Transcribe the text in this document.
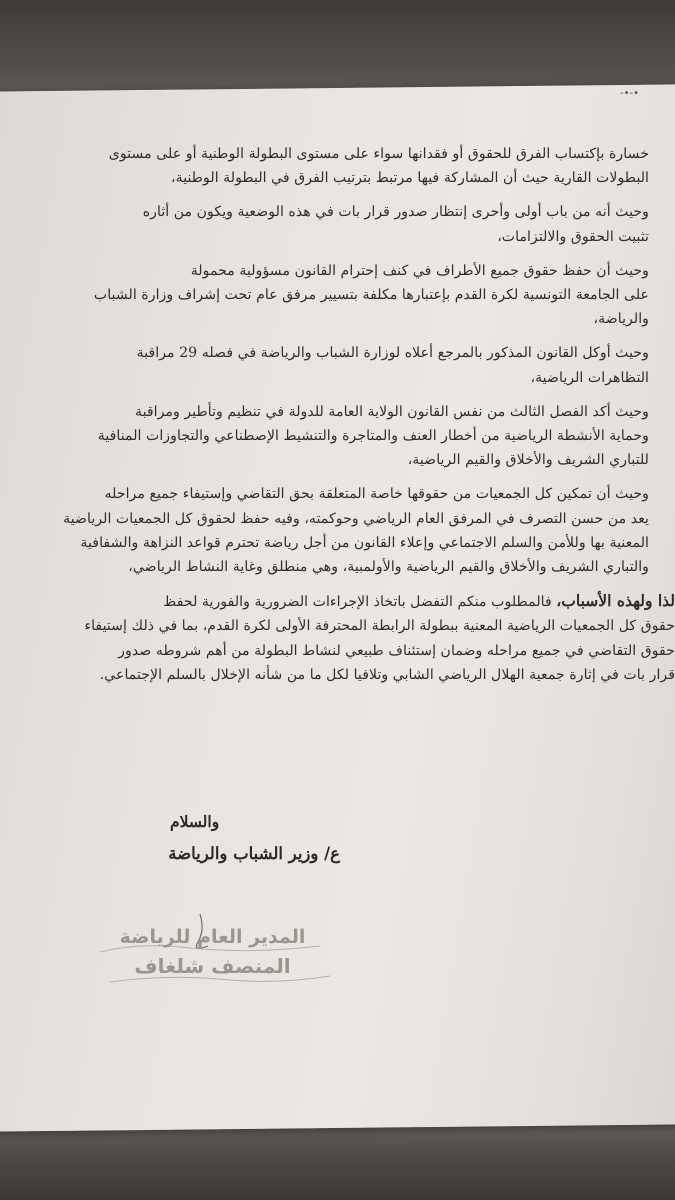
-•-•

خسارة بإكتساب الفرق للحقوق أو فقدانها سواء على مستوى البطولة الوطنية أو على مستوى
البطولات القارية حيث أن المشاركة فيها مرتبط بترتيب الفرق في البطولة الوطنية،

وحيث أنه من باب أولى وأحرى إنتظار صدور قرار بات في هذه الوضعية ويكون من أثاره
تثبيت الحقوق والالتزامات،

وحيث أن حفظ حقوق جميع الأطراف في كنف إحترام القانون مسؤولية محمولة
على الجامعة التونسية لكرة القدم بإعتبارها مكلفة بتسيير مرفق عام تحت إشراف وزارة الشباب
والرياضة،

وحيث أوكل القانون المذكور بالمرجع أعلاه لوزارة الشباب والرياضة في فصله 29 مراقبة
التظاهرات الرياضية،

وحيث أكد الفصل الثالث من نفس القانون الولاية العامة للدولة في تنظيم وتأطير ومراقبة
وحماية الأنشطة الرياضية من أخطار العنف والمتاجرة والتنشيط الإصطناعي والتجاوزات المنافية
للتباري الشريف والأخلاق والقيم الرياضية،

وحيث أن تمكين كل الجمعيات من حقوقها خاصة المتعلقة بحق التقاضي وإستيفاء جميع مراحله
يعد من حسن التصرف في المرفق العام الرياضي وحوكمته، وفيه حفظ لحقوق كل الجمعيات الرياضية
المعنية بها وللأمن والسلم الاجتماعي وإعلاء القانون من أجل رياضة تحترم قواعد النزاهة والشفافية
والتباري الشريف والأخلاق والقيم الرياضية والأولمبية، وهي منطلق وغاية النشاط الرياضي،

لذا ولهذه الأسباب، فالمطلوب منكم التفضل باتخاذ الإجراءات الضرورية والفورية لحفظ
حقوق كل الجمعيات الرياضية المعنية ببطولة الرابطة المحترفة الأولى لكرة القدم، بما في ذلك إستيفاء
حقوق التقاضي في جميع مراحله وضمان إستئناف طبيعي لنشاط البطولة من أهم شروطه صدور
قرار بات في إثارة جمعية الهلال الرياضي الشابي وتلافيا لكل ما من شأنه الإخلال بالسلم الإجتماعي.

والسلام
ع/ وزير الشباب والرياضة
المدير العام للرياضة
المنصف شلغاف
